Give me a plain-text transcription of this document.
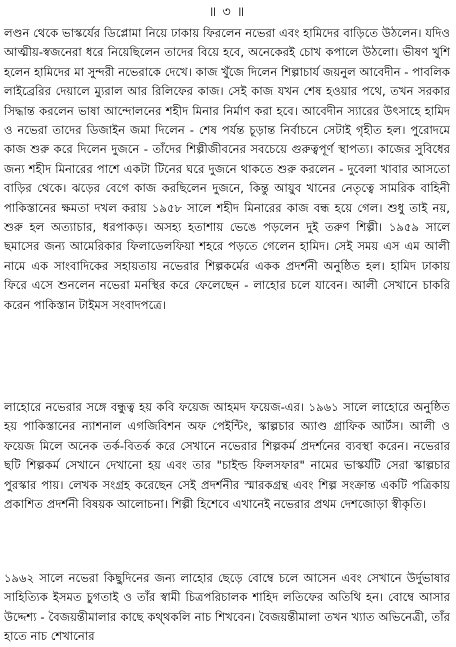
॥ ৩ ॥

লণ্ডন থেকে ভাস্কর্যের ডিপ্লোমা নিয়ে ঢাকায় ফিরলেন নভেরা এবং হামিদের বাড়িতে উঠলেন। যদিও আত্মীয়-স্বজনেরা ধরে নিয়েছিলেন তাদের বিয়ে হবে, অনেকেরই চোখ কপালে উঠলো। ভীষণ খুশি হলেন হামিদের মা সুন্দরী নভেরাকে দেখে। কাজ খুঁজে দিলেন শিল্পাচার্য জয়নুল আবেদীন - পাবলিক লাইব্রেরির দেয়ালে ম্যুরাল আর রিলিফের কাজ। সেই কাজ যখন শেষ হওয়ার পথে, তখন সরকার সিদ্ধান্ত করলেন ভাষা আন্দোলনের শহীদ মিনার নির্মাণ করা হবে। আবেদীন স্যারের উৎসাহে হামিদ ও নভেরা তাদের ডিজাইন জমা দিলেন - শেষ পর্যন্ত চূড়ান্ত নির্বাচনে সেটাই গৃহীত হল। পুরোদমে কাজ শুরু করে দিলেন দুজনে - তাঁদের শিল্পীজীবনের সবচেয়ে গুরুত্বপূর্ণ স্থাপত্য। কাজের সুবিধের জন্য শহীদ মিনারের পাশে একটা টিনের ঘরে দুজনে থাকতে শুরু করলেন - দুবেলা খাবার আসতো বাড়ির থেকে। ঝড়ের বেগে কাজ করছিলেন দুজনে, কিন্তু আয়ুব খানের নেতৃত্বে সামরিক বাহিনী পাকিস্তানের ক্ষমতা দখল করায় ১৯৫৮ সালে শহীদ মিনারের কাজ বন্ধ হয়ে গেল। শুধু তাই নয়, শুরু হল অত্যাচার, ধরপাকড়। অসহ্য হতাশায় ভেঙে পড়লেন দুই তরুণ শিল্পী। ১৯৫৯ সালে ছমাসের জন্য আমেরিকার ফিলাডেলফিয়া শহরে পড়তে গেলেন হামিদ। সেই সময় এস এম আলী নামে এক সাংবাদিকের সহায়তায় নভেরার শিল্পকর্মের একক প্রদর্শনী অনুষ্ঠিত হল। হামিদ ঢাকায় ফিরে এসে শুনলেন নভেরা মনস্থির করে ফেলেছেন - লাহোর চলে যাবেন। আলী সেখানে চাকরি করেন পাকিস্তান টাইমস সংবাদপত্রে।

লাহোরে নভেরার সঙ্গে বন্ধুত্ব হয় কবি ফয়েজ আহমদ ফয়েজ-এর। ১৯৬১ সালে লাহোরে অনুষ্ঠিত হয় পাকিস্তানের ন্যাশনাল এগজিবিশন অফ পেইন্টিং, স্কাল্পচার অ্যাণ্ড গ্রাফিক আর্টস। আলী ও ফয়েজ মিলে অনেক তর্ক-বিতর্ক করে সেখানে নভেরার শিল্পকর্ম প্রদর্শনের ব্যবস্থা করেন। নভেরার ছটি শিল্পকর্ম সেখানে দেখানো হয় এবং তার "চাইল্ড ফিলসফার" নামের ভাস্কর্যটি সেরা স্কাল্পচার পুরস্কার পায়। লেখক সংগ্রহ করেছেন সেই প্রদর্শনীর স্মারকগ্রন্থ এবং শিল্প সংক্রান্ত একটি পত্রিকায় প্রকাশিত প্রদর্শনী বিষয়ক আলোচনা। শিল্পী হিশেবে এখানেই নভেরার প্রথম দেশজোড়া স্বীকৃতি।

১৯৬২ সালে নভেরা কিছুদিনের জন্য লাহোর ছেড়ে বোম্বে চলে আসেন এবং সেখানে উর্দুভাষার সাহিত্যিক ইসমত চুগতাই ও তাঁর স্বামী চিত্রপরিচালক শাহিদ লতিফের অতিথি হন। বোম্বে আসার উদ্দেশ্য - বৈজয়ন্তীমালার কাছে কথ্থকলি নাচ শিখবেন। বৈজয়ন্তীমালা তখন খ্যাত অভিনেত্রী, তাঁর হাতে নাচ শেখানোর
